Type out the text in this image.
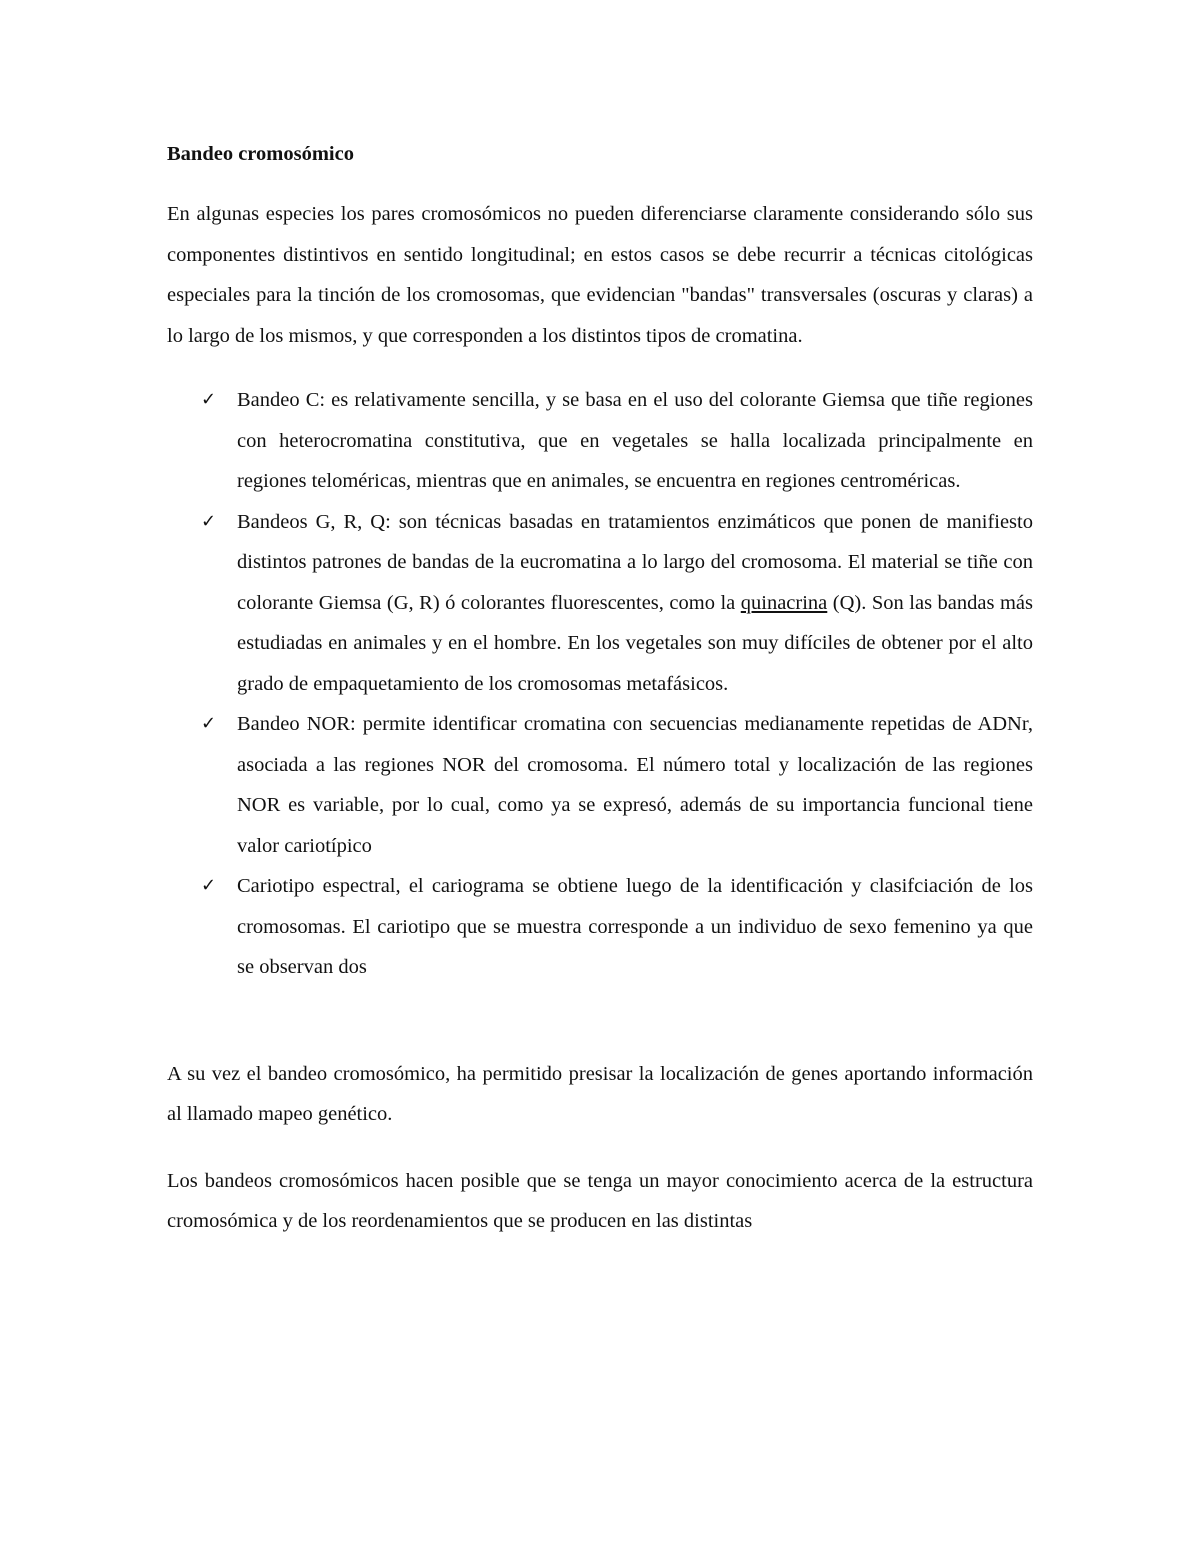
Bandeo cromosómico

En algunas especies los pares cromosómicos no pueden diferenciarse claramente considerando sólo sus componentes distintivos en sentido longitudinal; en estos casos se debe recurrir a técnicas citológicas especiales para la tinción de los cromosomas, que evidencian "bandas" transversales (oscuras y claras) a lo largo de los mismos, y que corresponden a los distintos tipos de cromatina.

✓ Bandeo C: es relativamente sencilla, y se basa en el uso del colorante Giemsa que tiñe regiones con heterocromatina constitutiva, que en vegetales se halla localizada principalmente en regiones teloméricas, mientras que en animales, se encuentra en regiones centroméricas.
✓ Bandeos G, R, Q: son técnicas basadas en tratamientos enzimáticos que ponen de manifiesto distintos patrones de bandas de la eucromatina a lo largo del cromosoma. El material se tiñe con colorante Giemsa (G, R) ó colorantes fluorescentes, como la quinacrina (Q). Son las bandas más estudiadas en animales y en el hombre. En los vegetales son muy difíciles de obtener por el alto grado de empaquetamiento de los cromosomas metafásicos.
✓ Bandeo NOR: permite identificar cromatina con secuencias medianamente repetidas de ADNr, asociada a las regiones NOR del cromosoma. El número total y localización de las regiones NOR es variable, por lo cual, como ya se expresó, además de su importancia funcional tiene valor cariotípico
✓ Cariotipo espectral, el cariograma se obtiene luego de la identificación y clasifciación de los cromosomas. El cariotipo que se muestra corresponde a un individuo de sexo femenino ya que se observan dos

A su vez el bandeo cromosómico, ha permitido presisar la localización de genes aportando información al llamado mapeo genético.

Los bandeos cromosómicos hacen posible que se tenga un mayor conocimiento acerca de la estructura cromosómica y de los reordenamientos que se producen en las distintas
